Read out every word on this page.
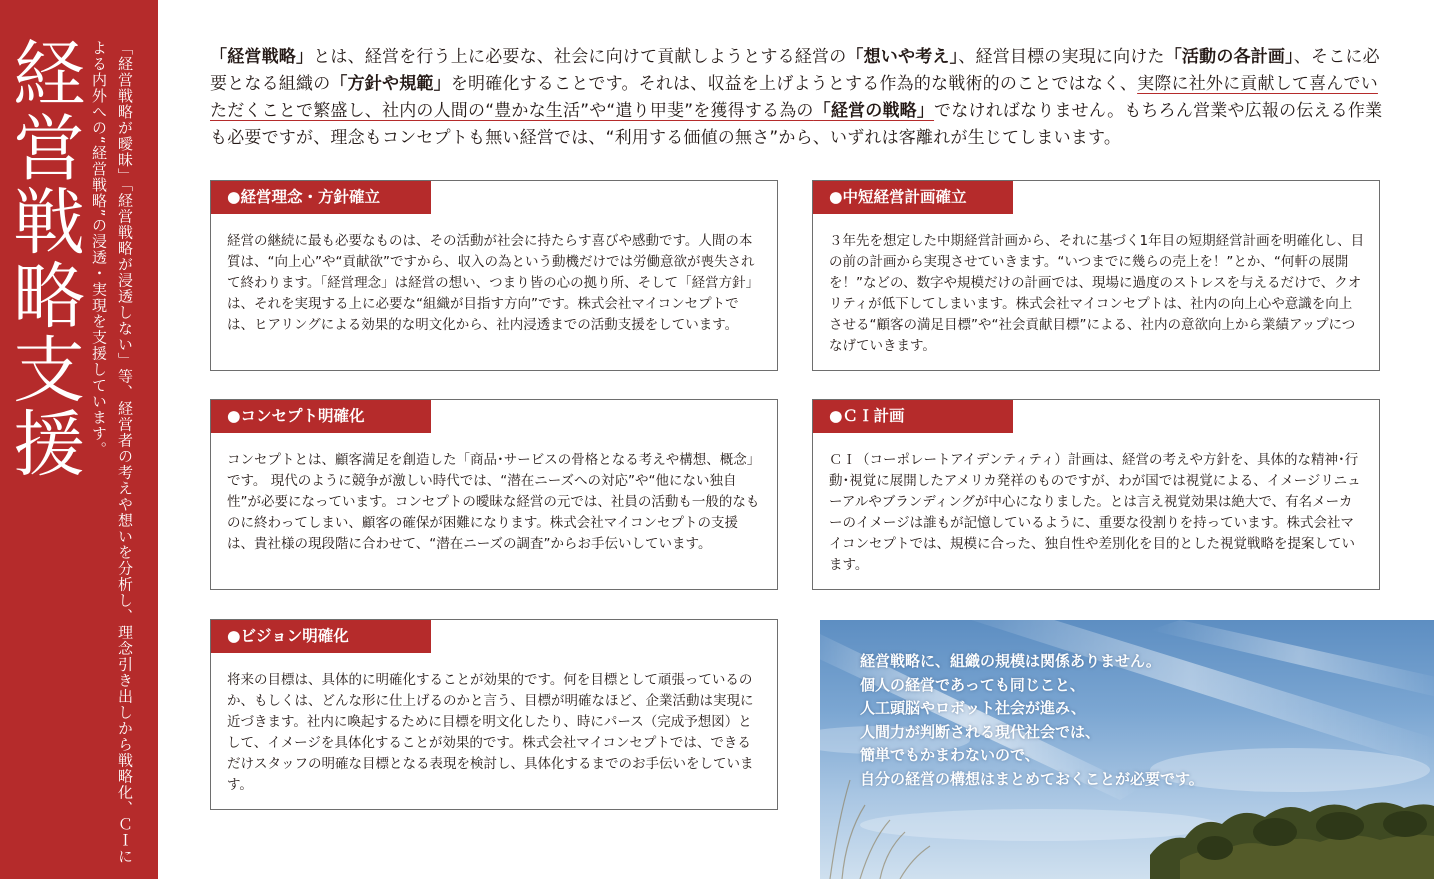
経営戦略支援	「経営戦略が曖昧」「経営戦略が浸透しない」等、経営者の考えや想いを分析し、理念引き出しから戦略化、ＣＩによる内外への“経営戦略”の浸透・実現を支援しています。	「経営戦略」とは、経営を行う上に必要な、社会に向けて貢献しようとする経営の「想いや考え」、経営目標の実現に向けた「活動の各計画」、そこに必要となる組織の「方針や規範」を明確化することです。それは、収益を上げようとする作為的な戦術的のことではなく、実際に社外に貢献して喜んでいただくことで繁盛し、社内の人間の“豊かな生活”や“遣り甲斐”を獲得する為の「経営の戦略」でなければなりません。もちろん営業や広報の伝える作業も必要ですが、理念もコンセプトも無い経営では、“利用する価値の無さ”から、いずれは客離れが生じてしまいます。

●経営理念・方針確立
経営の継続に最も必要なものは、その活動が社会に持たらす喜びや感動です。人間の本質は、“向上心”や“貢献欲”ですから、収入の為という動機だけでは労働意欲が喪失されて終わります。「経営理念」は経営の想い、つまり皆の心の拠り所、そして「経営方針」は、それを実現する上に必要な“組織が目指す方向”です。株式会社マイコンセプトでは、ヒアリングによる効果的な明文化から、社内浸透までの活動支援をしています。
●中短経営計画確立
３年先を想定した中期経営計画から、それに基づく1年目の短期経営計画を明確化し、目の前の計画から実現させていきます。“いつまでに幾らの売上を！”とか、“何軒の展開を！”などの、数字や規模だけの計画では、現場に過度のストレスを与えるだけで、クオリティが低下してしまいます。株式会社マイコンセプトは、社内の向上心や意識を向上させる“顧客の満足目標”や“社会貢献目標”による、社内の意欲向上から業績アップにつなげていきます。
●コンセプト明確化
コンセプトとは、顧客満足を創造した「商品･サービスの骨格となる考えや構想、概念」です。 現代のように競争が激しい時代では、“潜在ニーズへの対応”や“他にない独自性”が必要になっています。コンセプトの曖昧な経営の元では、社員の活動も一般的なものに終わってしまい、顧客の確保が困難になります。株式会社マイコンセプトの支援は、貴社様の現段階に合わせて、“潜在ニーズの調査”からお手伝いしています。
●ＣＩ計画
ＣＩ（コーポレートアイデンティティ）計画は、経営の考えや方針を、具体的な精神･行動･視覚に展開したアメリカ発祥のものですが、わが国では視覚による、イメージリニューアルやブランディングが中心になりました。とは言え視覚効果は絶大で、有名メーカーのイメージは誰もが記憶しているように、重要な役割りを持っています。株式会社マイコンセプトでは、規模に合った、独自性や差別化を目的とした視覚戦略を提案しています。
●ビジョン明確化
将来の目標は、具体的に明確化することが効果的です。何を目標として頑張っているのか、もしくは、どんな形に仕上げるのかと言う、目標が明確なほど、企業活動は実現に近づきます。社内に喚起するために目標を明文化したり、時にパース（完成予想図）として、イメージを具体化することが効果的です。株式会社マイコンセプトでは、できるだけスタッフの明確な目標となる表現を検討し、具体化するまでのお手伝いをしています。
経営戦略に、組織の規模は関係ありません。
個人の経営であっても同じこと、
人工頭脳やロボット社会が進み、
人間力が判断される現代社会では、
簡単でもかまわないので、
自分の経営の構想はまとめておくことが必要です。
